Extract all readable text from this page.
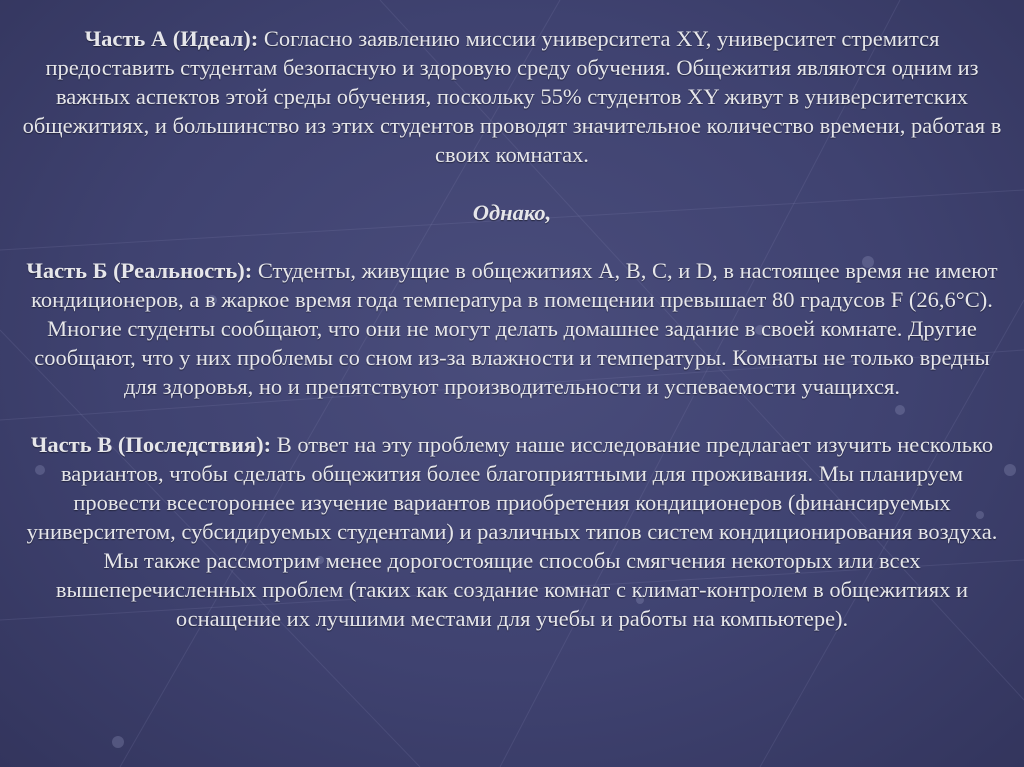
Часть А (Идеал): Согласно заявлению миссии университета XY, университет стремится предоставить студентам безопасную и здоровую среду обучения. Общежития являются одним из важных аспектов этой среды обучения, поскольку 55% студентов XY живут в университетских общежитиях, и большинство из этих студентов проводят значительное количество времени, работая в своих комнатах.

Однако,

Часть Б (Реальность): Студенты, живущие в общежитиях A, B, C, и D, в настоящее время не имеют кондиционеров, а в жаркое время года температура в помещении превышает 80 градусов F (26,6°C). Многие студенты сообщают, что они не могут делать домашнее задание в своей комнате. Другие сообщают, что у них проблемы со сном из-за влажности и температуры. Комнаты не только вредны для здоровья, но и препятствуют производительности и успеваемости учащихся.

Часть В (Последствия): В ответ на эту проблему наше исследование предлагает изучить несколько вариантов, чтобы сделать общежития более благоприятными для проживания. Мы планируем провести всестороннее изучение вариантов приобретения кондиционеров (финансируемых университетом, субсидируемых студентами) и различных типов систем кондиционирования воздуха. Мы также рассмотрим менее дорогостоящие способы смягчения некоторых или всех вышеперечисленных проблем (таких как создание комнат с климат-контролем в общежитиях и оснащение их лучшими местами для учебы и работы на компьютере).
